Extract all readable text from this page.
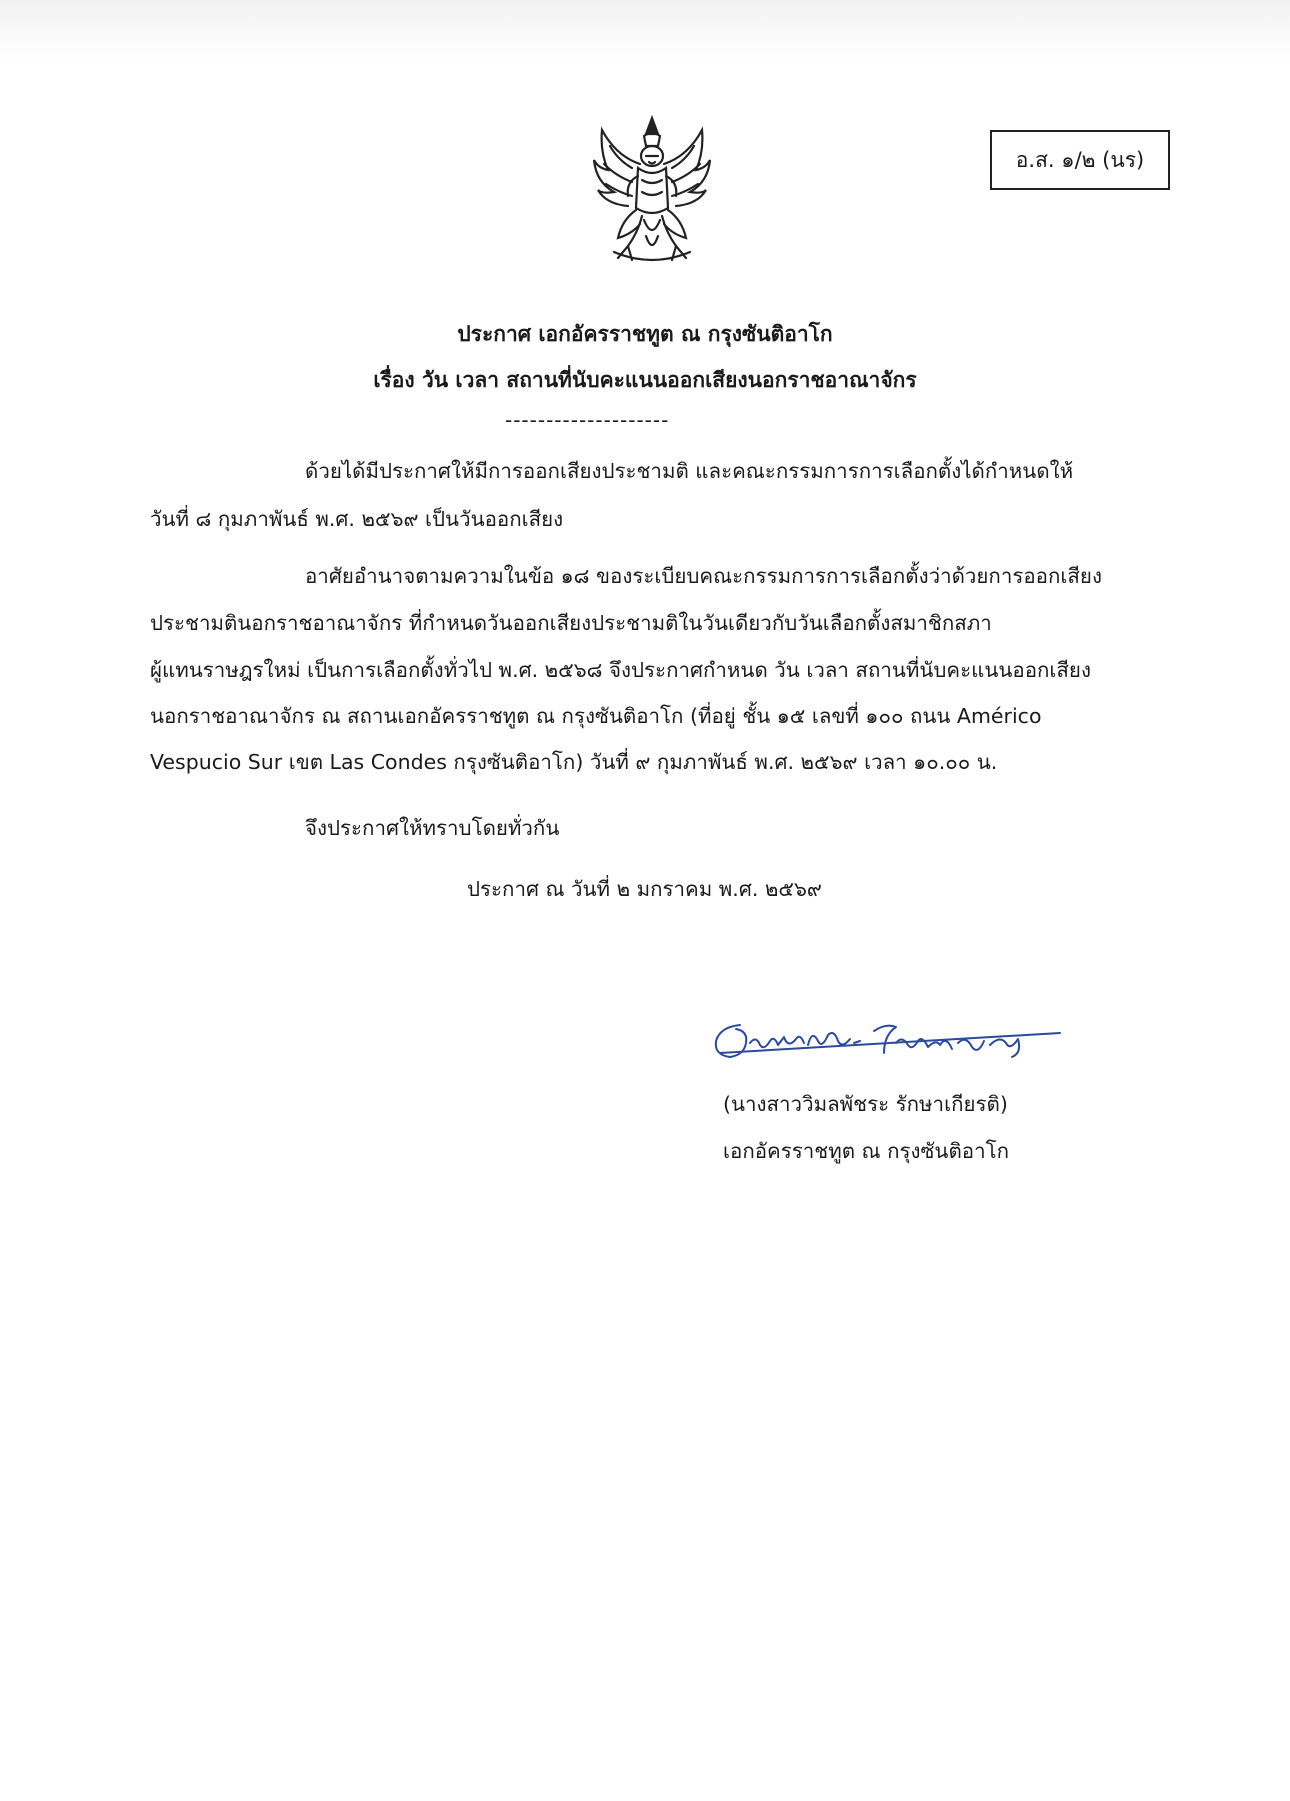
อ.ส. ๑/๒ (นร)
ประกาศ เอกอัครราชทูต ณ กรุงซันติอาโก
เรื่อง วัน เวลา สถานที่นับคะแนนออกเสียงนอกราชอาณาจักร
--------------------
ด้วยได้มีประกาศให้มีการออกเสียงประชามติ และคณะกรรมการการเลือกตั้งได้กำหนดให้
วันที่ ๘ กุมภาพันธ์ พ.ศ. ๒๕๖๙ เป็นวันออกเสียง
อาศัยอำนาจตามความในข้อ ๑๘ ของระเบียบคณะกรรมการการเลือกตั้งว่าด้วยการออกเสียง
ประชามตินอกราชอาณาจักร ที่กำหนดวันออกเสียงประชามติในวันเดียวกับวันเลือกตั้งสมาชิกสภา
ผู้แทนราษฎรใหม่ เป็นการเลือกตั้งทั่วไป พ.ศ. ๒๕๖๘ จึงประกาศกำหนด วัน เวลา สถานที่นับคะแนนออกเสียง
นอกราชอาณาจักร ณ สถานเอกอัครราชทูต ณ กรุงซันติอาโก (ที่อยู่ ชั้น ๑๕ เลขที่ ๑๐๐ ถนน Américo
Vespucio Sur เขต Las Condes กรุงซันติอาโก) วันที่ ๙ กุมภาพันธ์ พ.ศ. ๒๕๖๙ เวลา ๑๐.๐๐ น.
จึงประกาศให้ทราบโดยทั่วกัน
ประกาศ ณ วันที่ ๒ มกราคม พ.ศ. ๒๕๖๙
(นางสาววิมลพัชระ รักษาเกียรติ)
เอกอัครราชทูต ณ กรุงซันติอาโก
